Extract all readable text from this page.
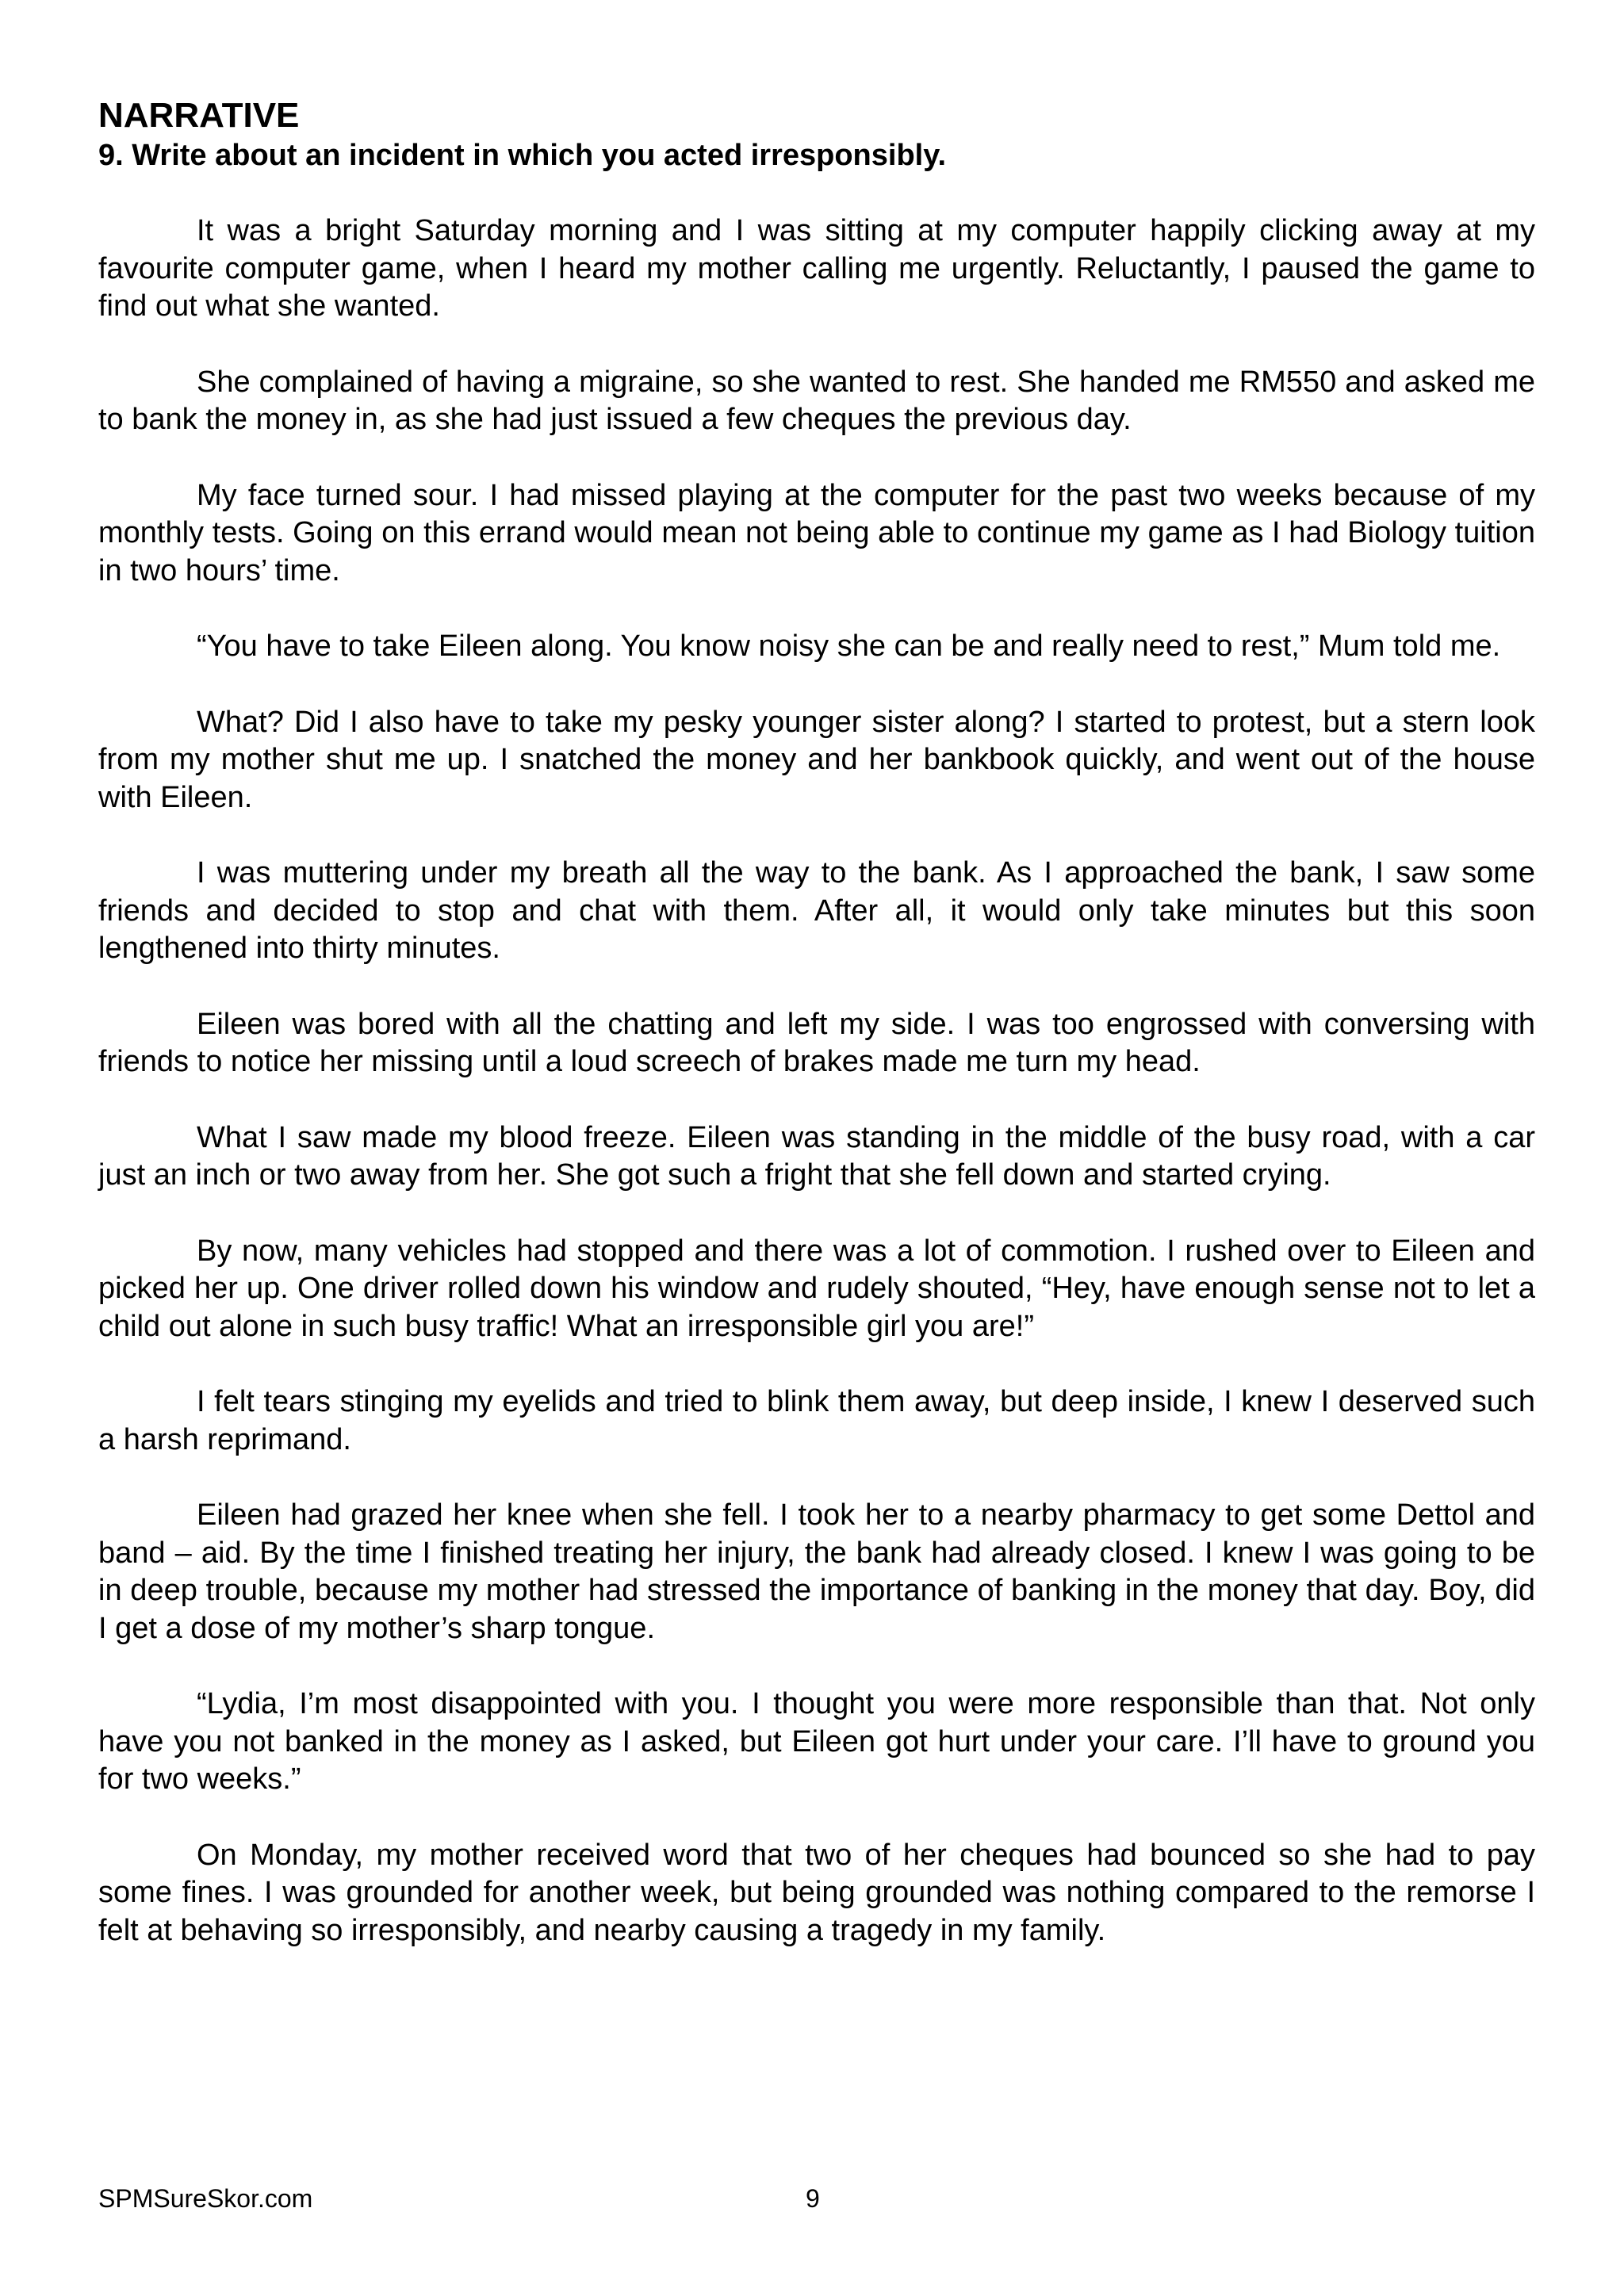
NARRATIVE

9. Write about an incident in which you acted irresponsibly.

It was a bright Saturday morning and I was sitting at my computer happily clicking away at my favourite computer game, when I heard my mother calling me urgently. Reluctantly, I paused the game to find out what she wanted.

She complained of having a migraine, so she wanted to rest. She handed me RM550 and asked me to bank the money in, as she had just issued a few cheques the previous day.

My face turned sour. I had missed playing at the computer for the past two weeks because of my monthly tests. Going on this errand would mean not being able to continue my game as I had Biology tuition in two hours’ time.

“You have to take Eileen along. You know noisy she can be and really need to rest,” Mum told me.

What? Did I also have to take my pesky younger sister along? I started to protest, but a stern look from my mother shut me up. I snatched the money and her bankbook quickly, and went out of the house with Eileen.

I was muttering under my breath all the way to the bank. As I approached the bank, I saw some friends and decided to stop and chat with them. After all, it would only take minutes but this soon lengthened into thirty minutes.

Eileen was bored with all the chatting and left my side. I was too engrossed with conversing with friends to notice her missing until a loud screech of brakes made me turn my head.

What I saw made my blood freeze. Eileen was standing in the middle of the busy road, with a car just an inch or two away from her. She got such a fright that she fell down and started crying.

By now, many vehicles had stopped and there was a lot of commotion. I rushed over to Eileen and picked her up. One driver rolled down his window and rudely shouted, “Hey, have enough sense not to let a child out alone in such busy traffic! What an irresponsible girl you are!”

I felt tears stinging my eyelids and tried to blink them away, but deep inside, I knew I deserved such a harsh reprimand.

Eileen had grazed her knee when she fell. I took her to a nearby pharmacy to get some Dettol and band – aid. By the time I finished treating her injury, the bank had already closed. I knew I was going to be in deep trouble, because my mother had stressed the importance of banking in the money that day. Boy, did I get a dose of my mother’s sharp tongue.

“Lydia, I’m most disappointed with you. I thought you were more responsible than that. Not only have you not banked in the money as I asked, but Eileen got hurt under your care. I’ll have to ground you for two weeks.”

On Monday, my mother received word that two of her cheques had bounced so she had to pay some fines. I was grounded for another week, but being grounded was nothing compared to the remorse I felt at behaving so irresponsibly, and nearby causing a tragedy in my family.

SPMSureSkor.com	9
